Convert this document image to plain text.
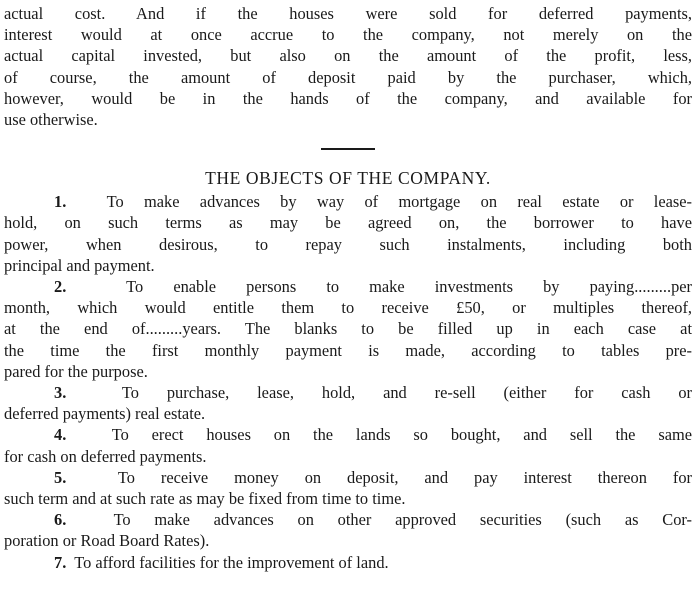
actual cost. And if the houses were sold for deferred payments,
interest would at once accrue to the company, not merely on the
actual capital invested, but also on the amount of the profit, less,
of course, the amount of deposit paid by the purchaser, which,
however, would be in the hands of the company, and available for
use otherwise.
THE OBJECTS OF THE COMPANY.
1. To make advances by way of mortgage on real estate or lease-
hold, on such terms as may be agreed on, the borrower to have
power, when desirous, to repay such instalments, including both
principal and payment.
2.	To enable persons to make investments by paying.........per
month, which would entitle them to receive £50, or multiples thereof,
at the end of.........years. The blanks to be filled up in each case at
the time the first monthly payment is made, according to tables pre-
pared for the purpose.
3.	To purchase, lease, hold, and re-sell (either for cash or
deferred payments) real estate.
4.	To erect houses on the lands so bought, and sell the same
for cash on deferred payments.
5.	To receive money on deposit, and pay interest thereon for
such term and at such rate as may be fixed from time to time.
6.	To make advances on other approved securities (such as Cor-
poration or Road Board Rates).
7. To afford facilities for the improvement of land.
